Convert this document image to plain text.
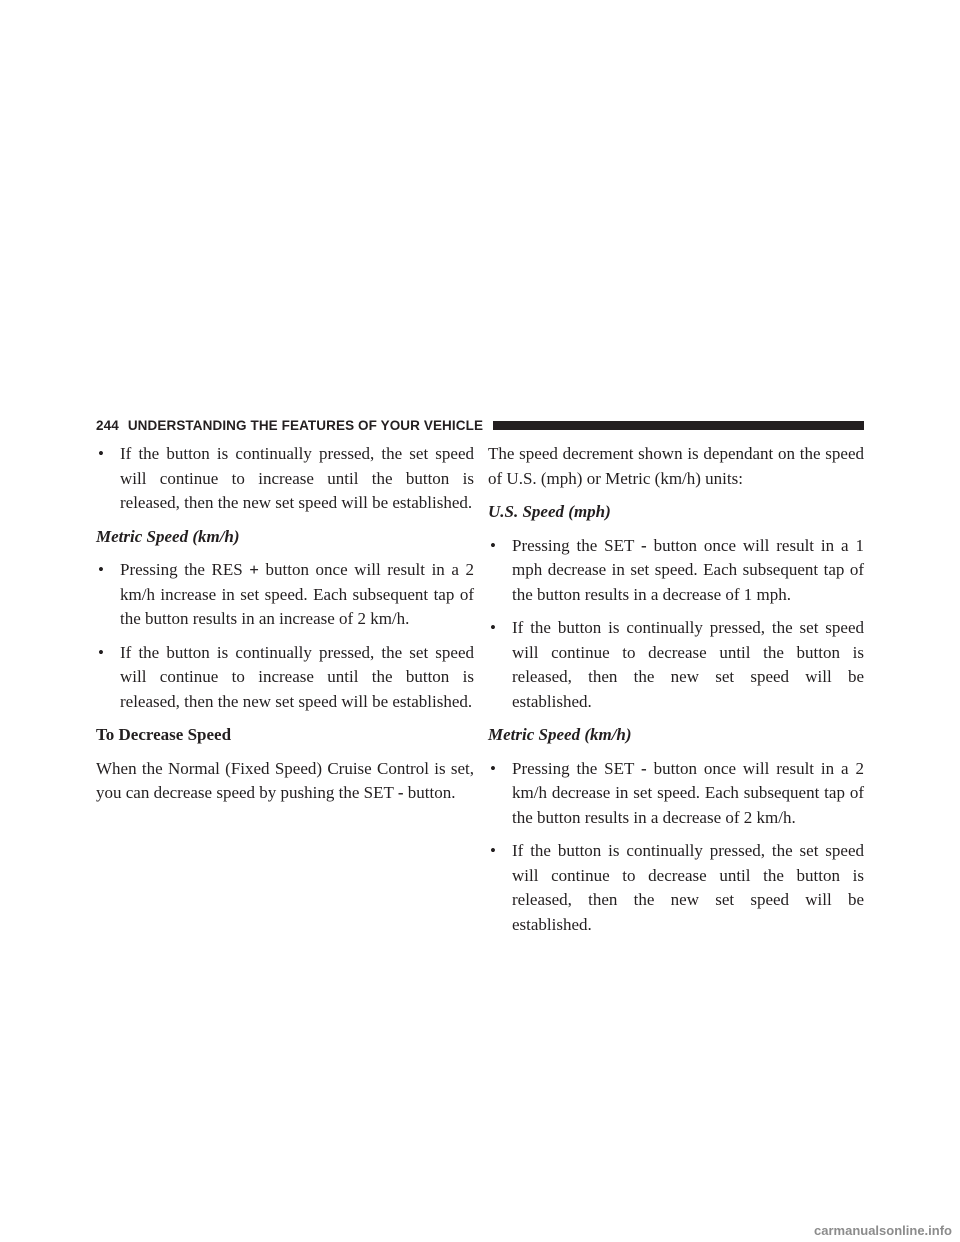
244 UNDERSTANDING THE FEATURES OF YOUR VEHICLE
• If the button is continually pressed, the set speed will continue to increase until the button is released, then the new set speed will be established.
Metric Speed (km/h)
• Pressing the RES + button once will result in a 2 km/h increase in set speed. Each subsequent tap of the button results in an increase of 2 km/h.
• If the button is continually pressed, the set speed will continue to increase until the button is released, then the new set speed will be established.
To Decrease Speed

When the Normal (Fixed Speed) Cruise Control is set, you can decrease speed by pushing the SET - button.

The speed decrement shown is dependant on the speed of U.S. (mph) or Metric (km/h) units:

U.S. Speed (mph)
• Pressing the SET - button once will result in a 1 mph decrease in set speed. Each subsequent tap of the button results in a decrease of 1 mph.
• If the button is continually pressed, the set speed will continue to decrease until the button is released, then the new set speed will be established.
Metric Speed (km/h)
• Pressing the SET - button once will result in a 2 km/h decrease in set speed. Each subsequent tap of the button results in a decrease of 2 km/h.
• If the button is continually pressed, the set speed will continue to decrease until the button is released, then the new set speed will be established.
carmanualsonline.info
